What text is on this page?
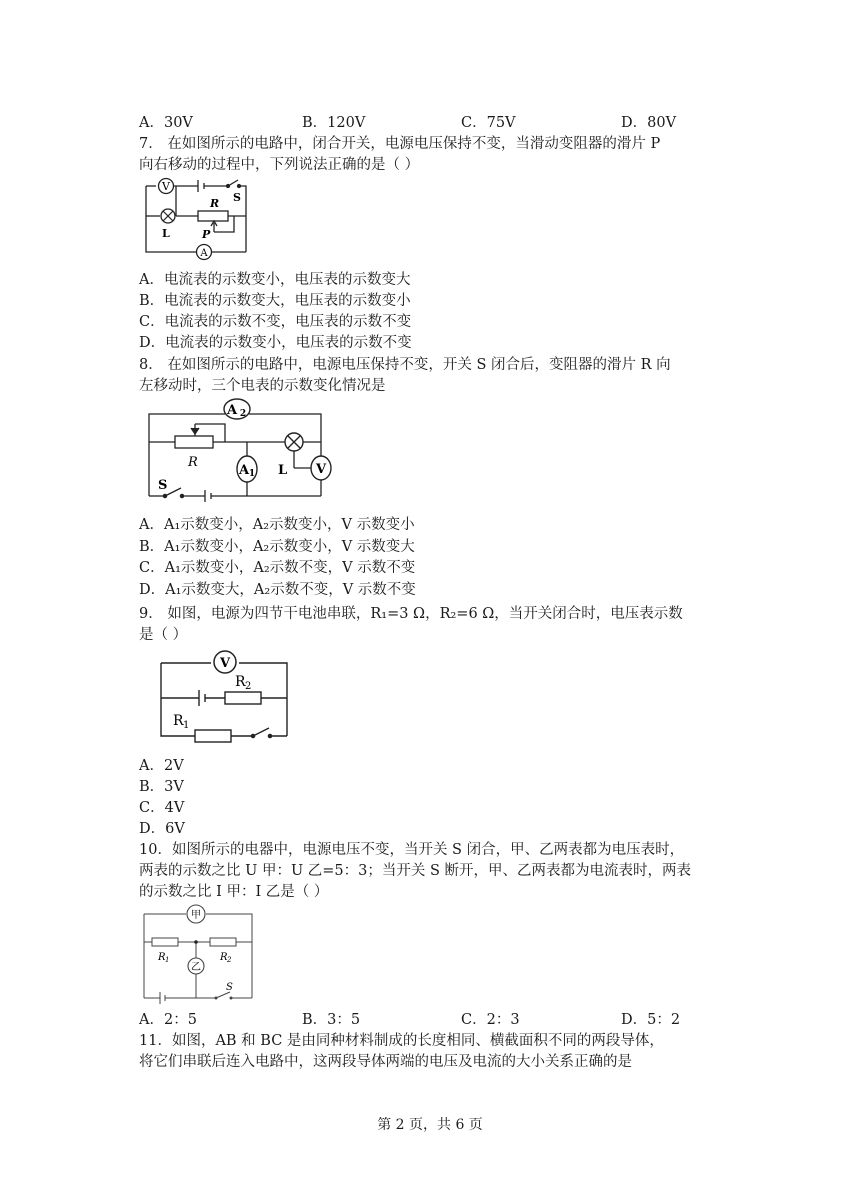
A．30V	B．120V	C．75V	D．80V
7． 在如图所示的电路中，闭合开关，电源电压保持不变，当滑动变阻器的滑片 P
向右移动的过程中，下列说法正确的是（ ）
V
A
S
R
L	P
A．电流表的示数变小，电压表的示数变大
B．电流表的示数变大，电压表的示数变小
C．电流表的示数不变，电压表的示数不变
D．电流表的示数变小，电压表的示数不变
8． 在如图所示的电路中，电源电压保持不变，开关 S 闭合后，变阻器的滑片 R 向
左移动时，三个电表的示数变化情况是
A 2
A 1	V
R
L
S
A．A₁示数变小，A₂示数变小，V 示数变小
B．A₁示数变小，A₂示数变小，V 示数变大
C．A₁示数变小，A₂示数不变，V 示数不变
D．A₁示数变大，A₂示数不变，V 示数不变
9． 如图，电源为四节干电池串联，R₁=3 Ω，R₂=6 Ω，当开关闭合时，电压表示数
是（ ）
V
R 2
R 1
A．2V
B．3V
C．4V
D．6V
10．如图所示的电器中，电源电压不变，当开关 S 闭合，甲、乙两表都为电压表时，
两表的示数之比 U 甲：U 乙=5：3；当开关 S 断开，甲、乙两表都为电流表时，两表
的示数之比 I 甲：I 乙是（ ）
甲
乙
R 1	R 2
S
A．2：5	B．3：5	C．2：3	D．5：2
11．如图，AB 和 BC 是由同种材料制成的长度相同、横截面积不同的两段导体，
将它们串联后连入电路中，这两段导体两端的电压及电流的大小关系正确的是
第 2 页，共 6 页
